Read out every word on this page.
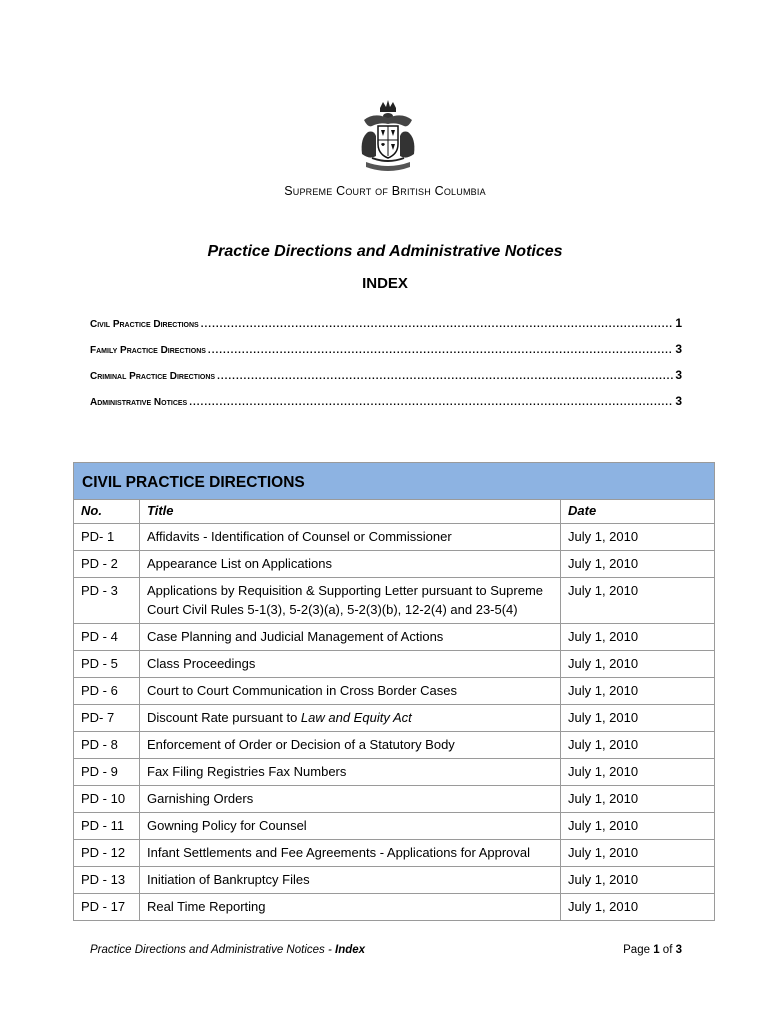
Supreme Court of British Columbia
Practice Directions and Administrative Notices
INDEX
Civil Practice Directions .....	1
Family Practice Directions .....	3
Criminal Practice Directions .....	3
Administrative Notices .....	3
CIVIL PRACTICE DIRECTIONS		
No.	Title	Date
PD- 1	Affidavits - Identification of Counsel or Commissioner	July 1, 2010
PD - 2	Appearance List on Applications	July 1, 2010
PD - 3	Applications by Requisition & Supporting Letter pursuant to Supreme Court Civil Rules 5-1(3), 5-2(3)(a), 5-2(3)(b), 12-2(4) and 23-5(4)	July 1, 2010
PD - 4	Case Planning and Judicial Management of Actions	July 1, 2010
PD - 5	Class Proceedings	July 1, 2010
PD - 6	Court to Court Communication in Cross Border Cases	July 1, 2010
PD- 7	Discount Rate pursuant to Law and Equity Act	July 1, 2010
PD - 8	Enforcement of Order or Decision of a Statutory Body	July 1, 2010
PD - 9	Fax Filing Registries Fax Numbers	July 1, 2010
PD - 10	Garnishing Orders	July 1, 2010
PD - 11	Gowning Policy for Counsel	July 1, 2010
PD - 12	Infant Settlements and Fee Agreements - Applications for Approval	July 1, 2010
PD - 13	Initiation of Bankruptcy Files	July 1, 2010
PD - 17	Real Time Reporting	July 1, 2010
Practice Directions and Administrative Notices - Index	Page 1 of 3
